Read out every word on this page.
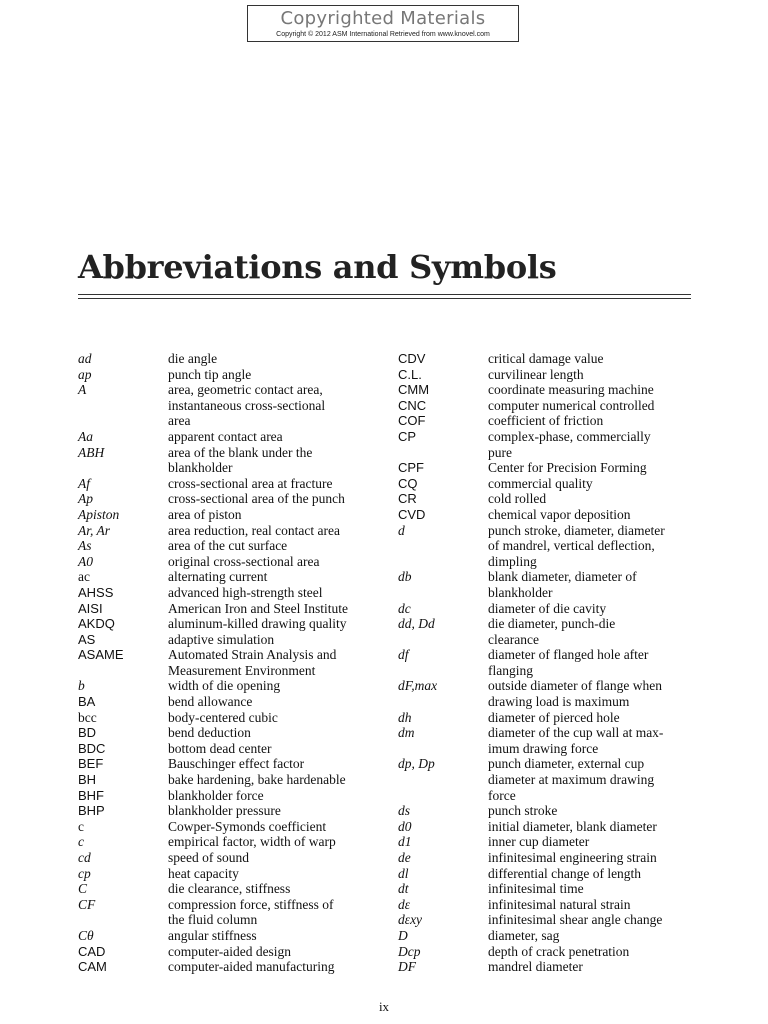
Copyrighted Materials
Copyright © 2012 ASM International Retrieved from www.knovel.com
Abbreviations and Symbols
ad	die angle
ap	punch tip angle
A	area, geometric contact area,
instantaneous cross-sectional
area
Aa	apparent contact area
ABH	area of the blank under the
blankholder
Af	cross-sectional area at fracture
Ap	cross-sectional area of the punch
Apiston	area of piston
Ar, Ar	area reduction, real contact area
As	area of the cut surface
A0	original cross-sectional area
ac	alternating current
AHSS	advanced high-strength steel
AISI	American Iron and Steel Institute
AKDQ	aluminum-killed drawing quality
AS	adaptive simulation
ASAME	Automated Strain Analysis and
Measurement Environment
b	width of die opening
BA	bend allowance
bcc	body-centered cubic
BD	bend deduction
BDC	bottom dead center
BEF	Bauschinger effect factor
BH	bake hardening, bake hardenable
BHF	blankholder force
BHP	blankholder pressure
c	Cowper-Symonds coefficient
c	empirical factor, width of warp
cd	speed of sound
cp	heat capacity
C	die clearance, stiffness
CF	compression force, stiffness of
the fluid column
Cθ	angular stiffness
CAD	computer-aided design
CAM	computer-aided manufacturing
CDV	critical damage value
C.L.	curvilinear length
CMM	coordinate measuring machine
CNC	computer numerical controlled
COF	coefficient of friction
CP	complex-phase, commercially
pure
CPF	Center for Precision Forming
CQ	commercial quality
CR	cold rolled
CVD	chemical vapor deposition
d	punch stroke, diameter, diameter
of mandrel, vertical deflection,
dimpling
db	blank diameter, diameter of
blankholder
dc	diameter of die cavity
dd, Dd	die diameter, punch-die
clearance
df	diameter of flanged hole after
flanging
dF,max	outside diameter of flange when
drawing load is maximum
dh	diameter of pierced hole
dm	diameter of the cup wall at max-
imum drawing force
dp, Dp	punch diameter, external cup
diameter at maximum drawing
force
ds	punch stroke
d0	initial diameter, blank diameter
d1	inner cup diameter
de	infinitesimal engineering strain
dl	differential change of length
dt	infinitesimal time
dε	infinitesimal natural strain
dεxy	infinitesimal shear angle change
D	diameter, sag
Dcp	depth of crack penetration
DF	mandrel diameter
ix
